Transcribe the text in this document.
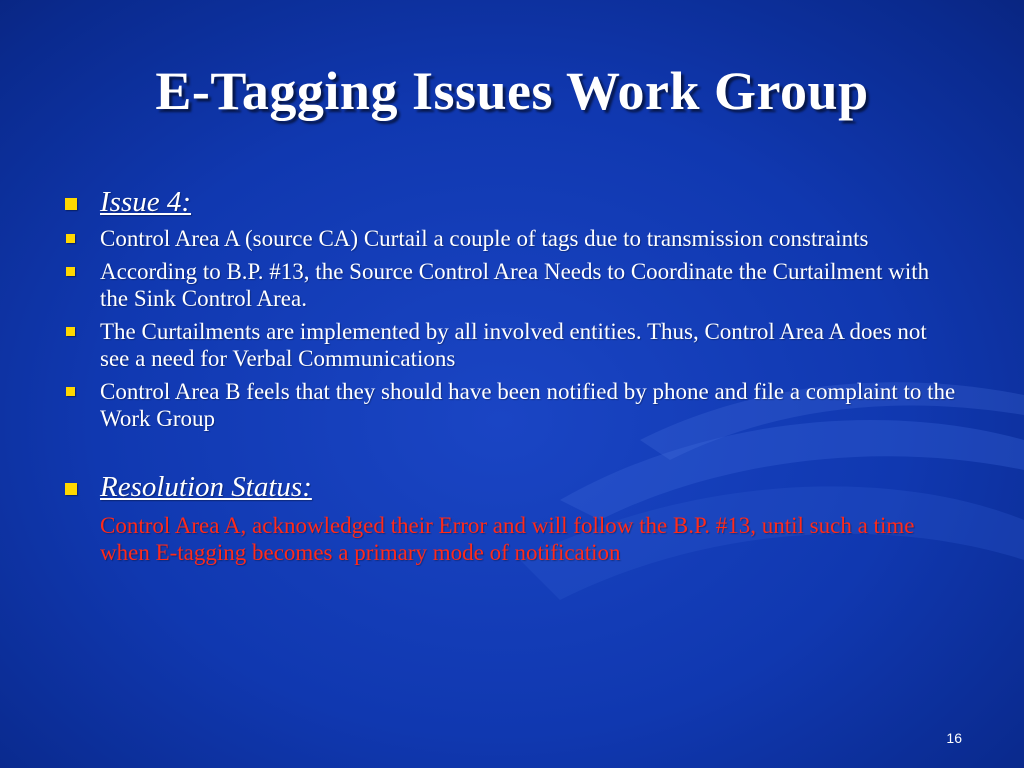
E-Tagging Issues Work Group
Issue 4:
Control Area A (source CA) Curtail a couple of tags due to transmission constraints
According to B.P. #13, the Source Control Area Needs to Coordinate the Curtailment with the Sink Control Area.
The Curtailments are implemented by all involved entities. Thus, Control Area A does not see a need for Verbal Communications
Control Area B feels that they should have been notified by phone and file a complaint to the Work Group
Resolution Status:
Control Area A, acknowledged their Error and will follow the B.P. #13, until such a time when E-tagging becomes a primary mode of notification
16
